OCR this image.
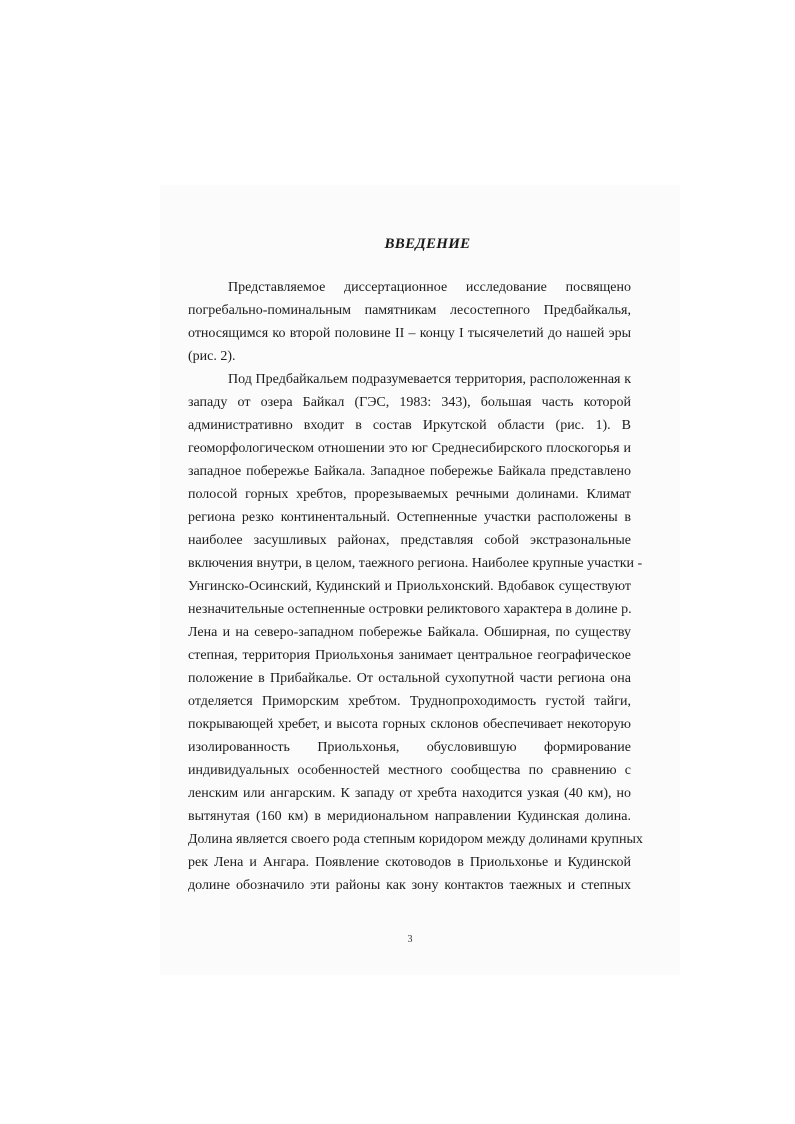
ВВЕДЕНИЕ

Представляемое диссертационное исследование посвящено
погребально-поминальным памятникам лесостепного Предбайкалья,
относящимся ко второй половине II – концу I тысячелетий до нашей эры
(рис. 2).

Под Предбайкальем подразумевается территория, расположенная к
западу от озера Байкал (ГЭС, 1983: 343), большая часть которой
административно входит в состав Иркутской области (рис. 1). В
геоморфологическом отношении это юг Среднесибирского плоскогорья и
западное побережье Байкала. Западное побережье Байкала представлено
полосой горных хребтов, прорезываемых речными долинами. Климат
региона резко континентальный. Остепненные участки расположены в
наиболее засушливых районах, представляя собой экстразональные
включения внутри, в целом, таежного региона. Наиболее крупные участки -
Унгинско-Осинский, Кудинский и Приольхонский. Вдобавок существуют
незначительные остепненные островки реликтового характера в долине р.
Лена и на северо-западном побережье Байкала. Обширная, по существу
степная, территория Приольхонья занимает центральное географическое
положение в Прибайкалье. От остальной сухопутной части региона она
отделяется Приморским хребтом. Труднопроходимость густой тайги,
покрывающей хребет, и высота горных склонов обеспечивает некоторую
изолированность Приольхонья, обусловившую формирование
индивидуальных особенностей местного сообщества по сравнению с
ленским или ангарским. К западу от хребта находится узкая (40 км), но
вытянутая (160 км) в меридиональном направлении Кудинская долина.
Долина является своего рода степным коридором между долинами крупных
рек Лена и Ангара. Появление скотоводов в Приольхонье и Кудинской
долине обозначило эти районы как зону контактов таежных и степных

3
